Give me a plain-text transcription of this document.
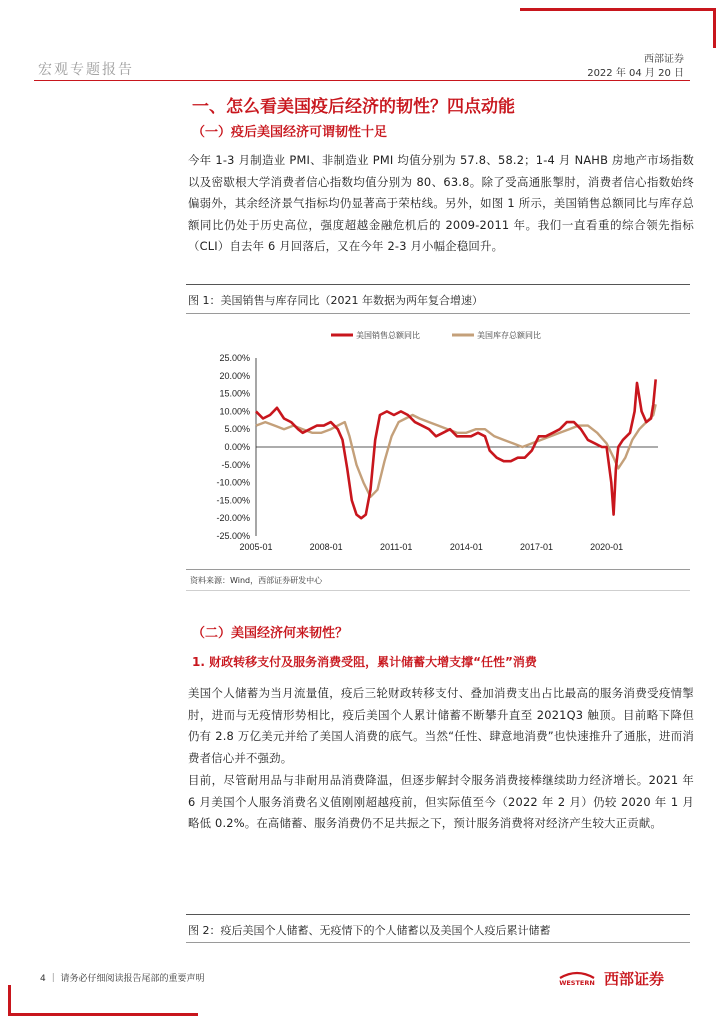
宏观专题报告
西部证券
2022 年 04 月 20 日
一、怎么看美国疫后经济的韧性？四点动能
（一）疫后美国经济可谓韧性十足
今年 1-3 月制造业 PMI、非制造业 PMI 均值分别为 57.8、58.2；1-4 月 NAHB 房地产市场指数以及密歇根大学消费者信心指数均值分别为 80、63.8。除了受高通胀掣肘，消费者信心指数始终偏弱外，其余经济景气指标均仍显著高于荣枯线。另外，如图 1 所示，美国销售总额同比与库存总额同比仍处于历史高位，强度超越金融危机后的 2009-2011 年。我们一直看重的综合领先指标（CLI）自去年 6 月回落后，又在今年 2-3 月小幅企稳回升。
图 1：美国销售与库存同比（2021 年数据为两年复合增速）
美国销售总额同比	美国库存总额同比
25.00%
20.00%
15.00%
10.00%
5.00%
0.00%
-5.00%
-10.00%
-15.00%
-20.00%
-25.00%
2005-01	2008-01	2011-01	2014-01	2017-01	2020-01
资料来源：Wind，西部证券研发中心
（二）美国经济何来韧性？
1. 财政转移支付及服务消费受阻，累计储蓄大增支撑“任性”消费
美国个人储蓄为当月流量值，疫后三轮财政转移支付、叠加消费支出占比最高的服务消费受疫情掣肘，进而与无疫情形势相比，疫后美国个人累计储蓄不断攀升直至 2021Q3 触顶。目前略下降但仍有 2.8 万亿美元并给了美国人消费的底气。当然“任性、肆意地消费”也快速推升了通胀，进而消费者信心并不强劲。
目前，尽管耐用品与非耐用品消费降温，但逐步解封令服务消费接棒继续助力经济增长。2021 年 6 月美国个人服务消费名义值刚刚超越疫前，但实际值至今（2022 年 2 月）仍较 2020 年 1 月略低 0.2%。在高储蓄、服务消费仍不足共振之下，预计服务消费将对经济产生较大正贡献。
图 2：疫后美国个人储蓄、无疫情下的个人储蓄以及美国个人疫后累计储蓄
4 ｜ 请务必仔细阅读报告尾部的重要声明	WESTERN 西部证券
